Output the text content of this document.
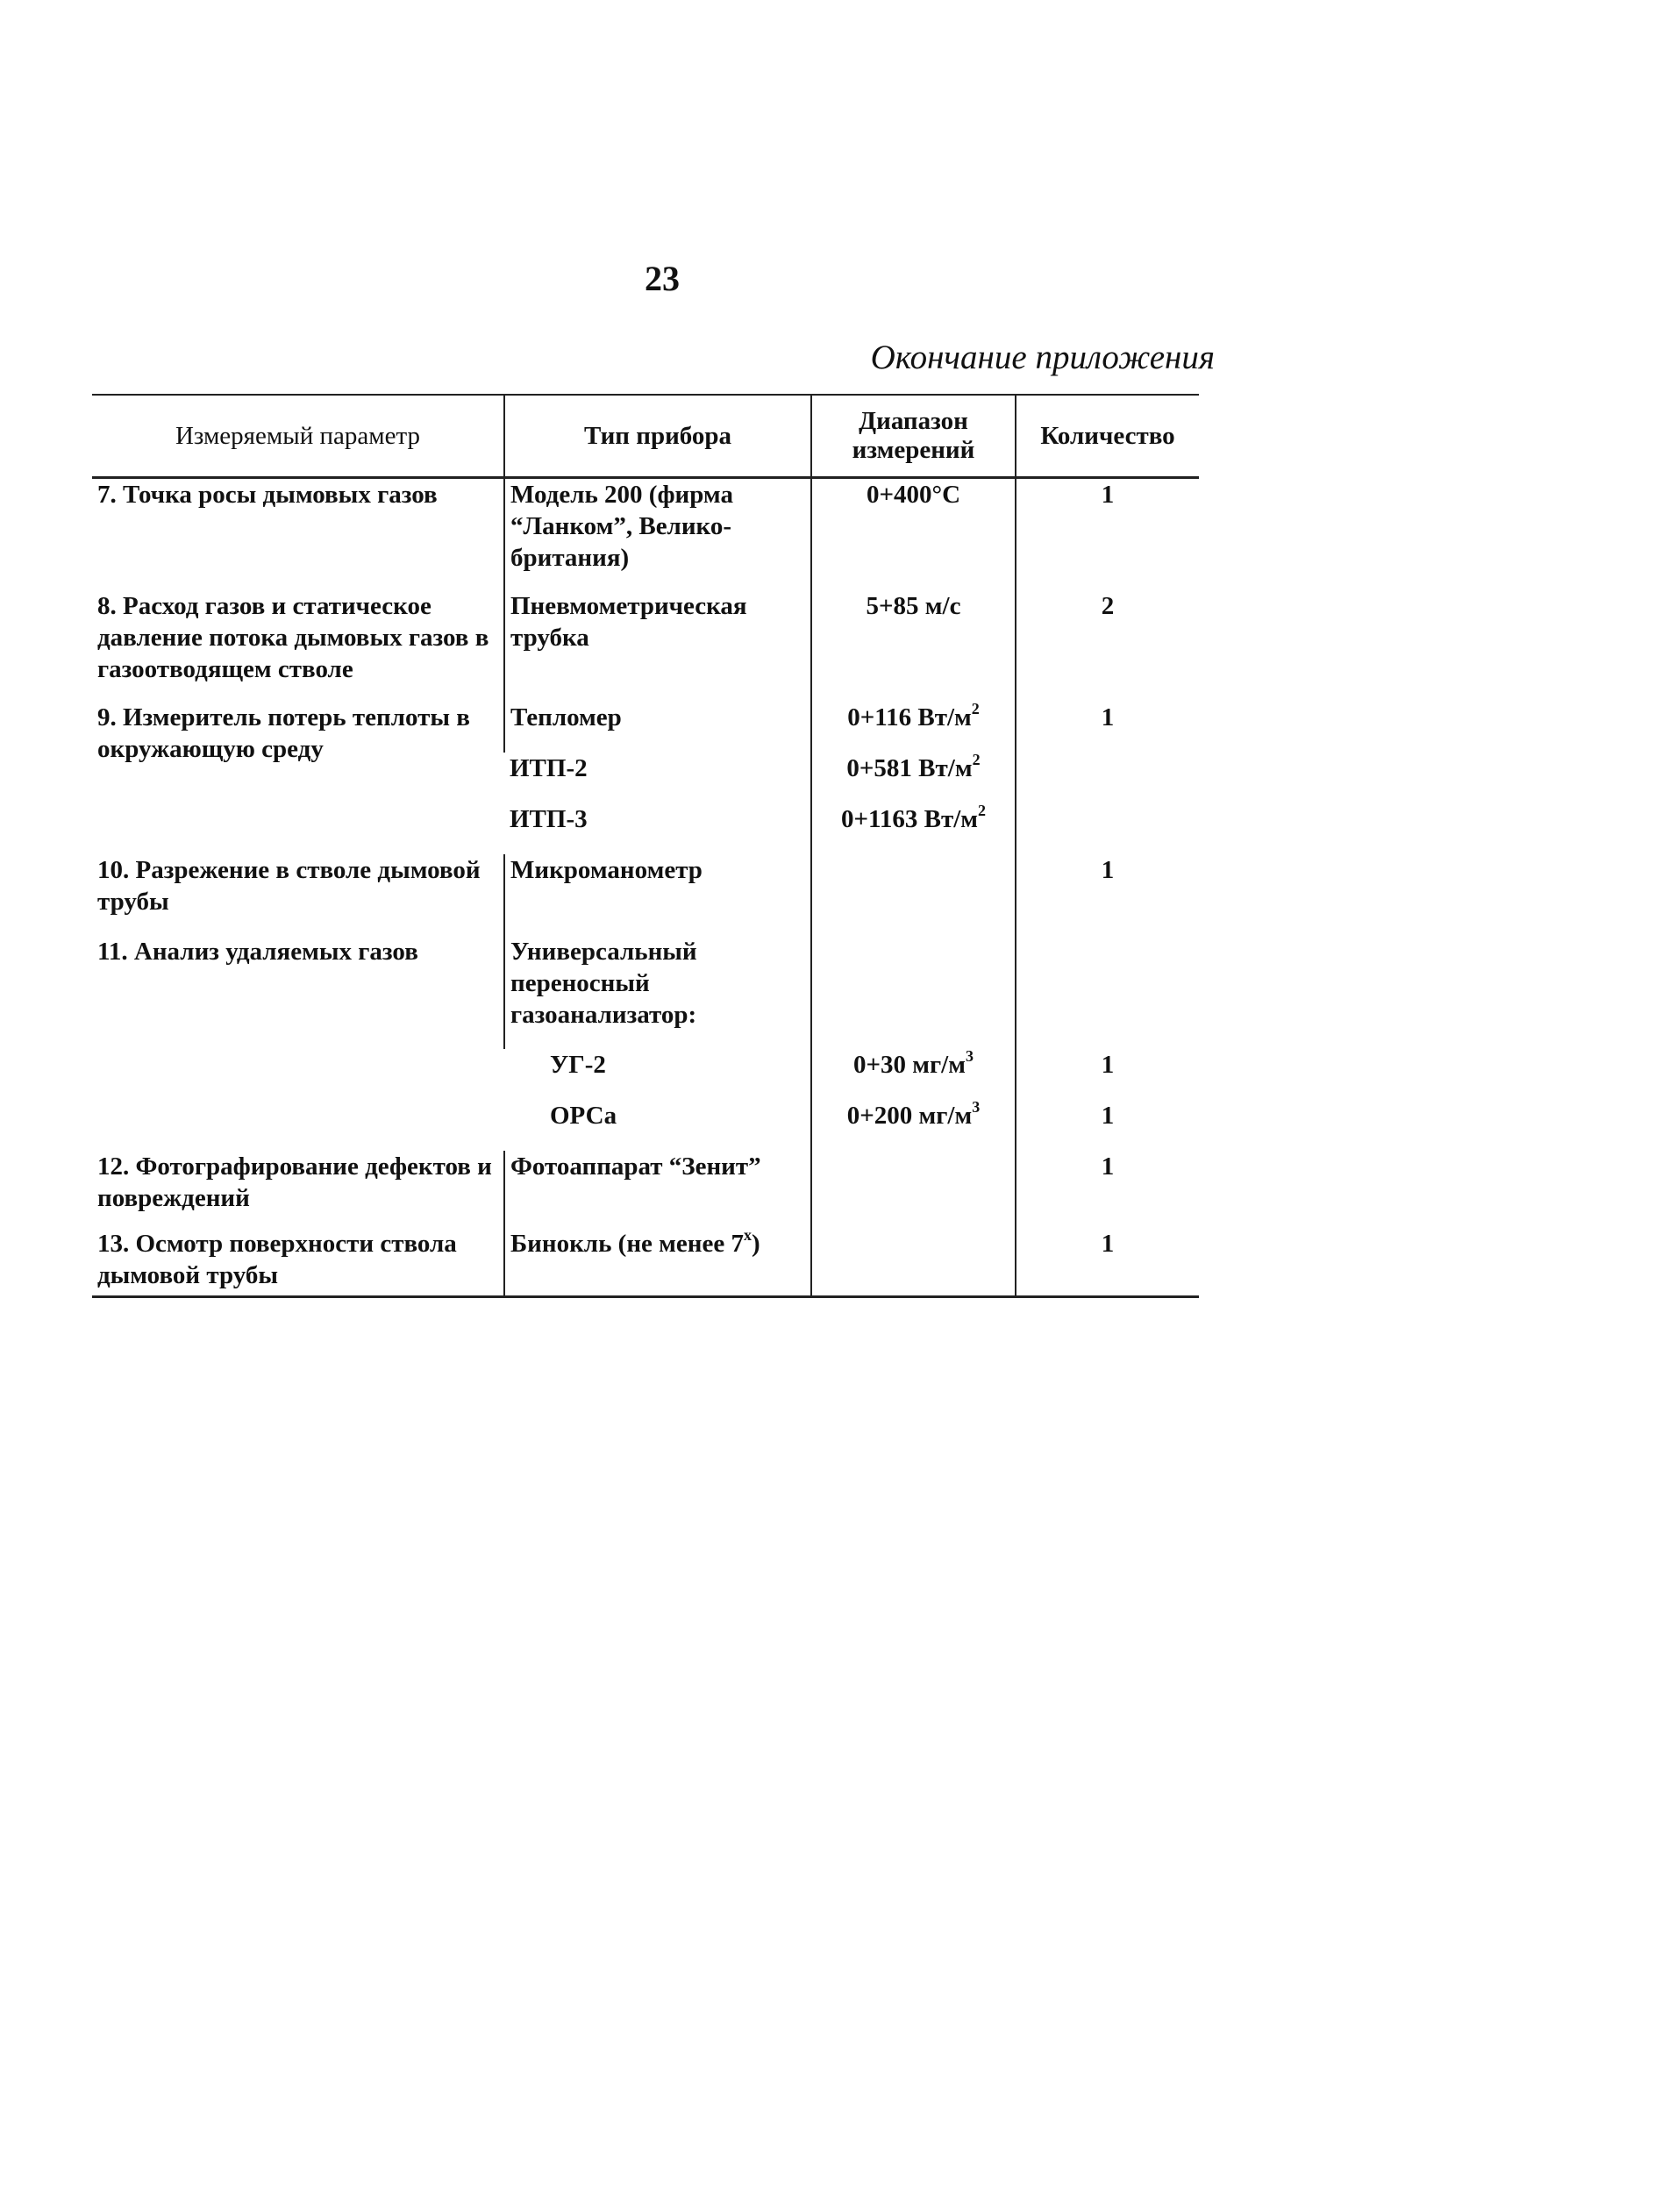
23
Окончание приложения
Измеряемый параметр	Тип прибора	Диапазон измерений	Количество
7. Точка росы дымовых газов	Модель 200 (фирма “Ланком”, Велико-британия)	0+400°С	1
8. Расход газов и статическое давление потока дымовых газов в газоотводящем стволе	Пневмометрическая трубка	5+85 м/с	2
9. Измеритель потерь теплоты в окружающую среду	Тепломер	0+116 $Вт/м^2$	1
	ИТП-2	0+581 $Вт/м^2$	
	ИТП-3	0+1163 $Вт/м^2$	
10. Разрежение в стволе дымовой трубы	Микроманометр		1
11. Анализ удаляемых газов	Универсальный переносный газоанализатор:		
	УГ-2	0+30 $мг/м^3$	1
	ОРСа	0+200 $мг/м^3$	1
12. Фотографирование дефектов и повреждений	Фотоаппарат “Зенит”		1
13. Осмотр поверхности ствола дымовой трубы	Бинокль (не менее 7$^x$)		1
